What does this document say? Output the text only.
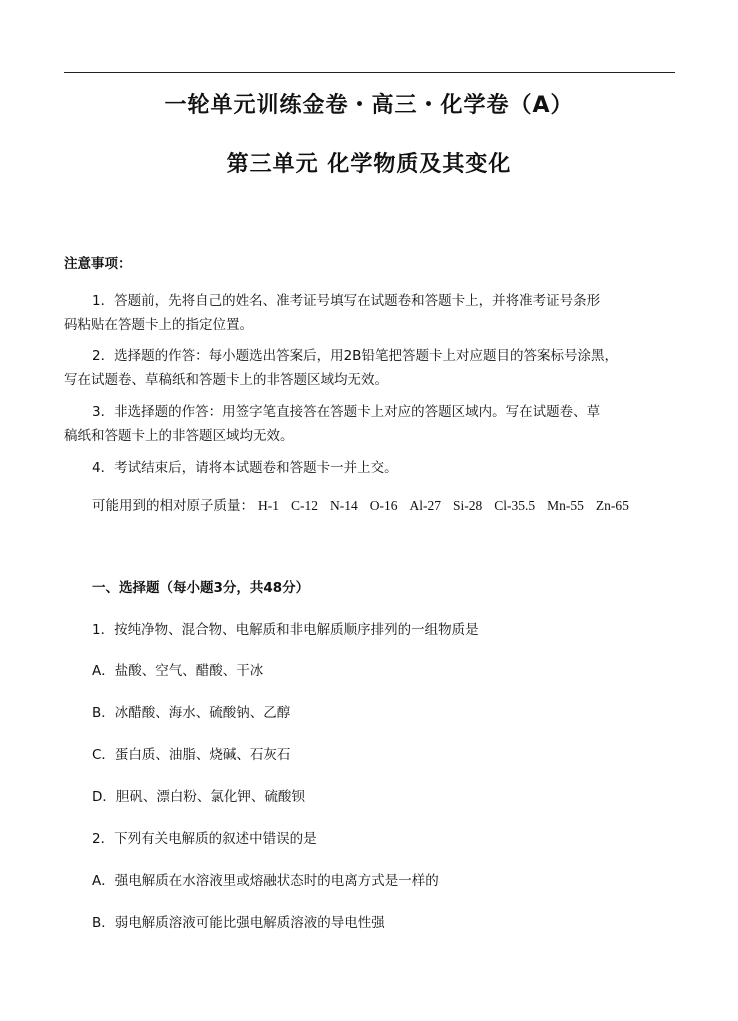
一轮单元训练金卷・高三・化学卷（A）
第三单元 化学物质及其变化
注意事项：
1．答题前，先将自己的姓名、准考证号填写在试题卷和答题卡上，并将准考证号条形
码粘贴在答题卡上的指定位置。
2．选择题的作答：每小题选出答案后，用2B铅笔把答题卡上对应题目的答案标号涂黑，
写在试题卷、草稿纸和答题卡上的非答题区域均无效。
3．非选择题的作答：用签字笔直接答在答题卡上对应的答题区域内。写在试题卷、草
稿纸和答题卡上的非答题区域均无效。
4．考试结束后，请将本试题卷和答题卡一并上交。
可能用到的相对原子质量： H-1 C-12 N-14 O-16 Al-27 Si-28 Cl-35.5 Mn-55 Zn-65
一、选择题（每小题3分，共48分）
1．按纯净物、混合物、电解质和非电解质顺序排列的一组物质是
A．盐酸、空气、醋酸、干冰
B．冰醋酸、海水、硫酸钠、乙醇
C．蛋白质、油脂、烧碱、石灰石
D．胆矾、漂白粉、氯化钾、硫酸钡
2．下列有关电解质的叙述中错误的是
A．强电解质在水溶液里或熔融状态时的电离方式是一样的
B．弱电解质溶液可能比强电解质溶液的导电性强
